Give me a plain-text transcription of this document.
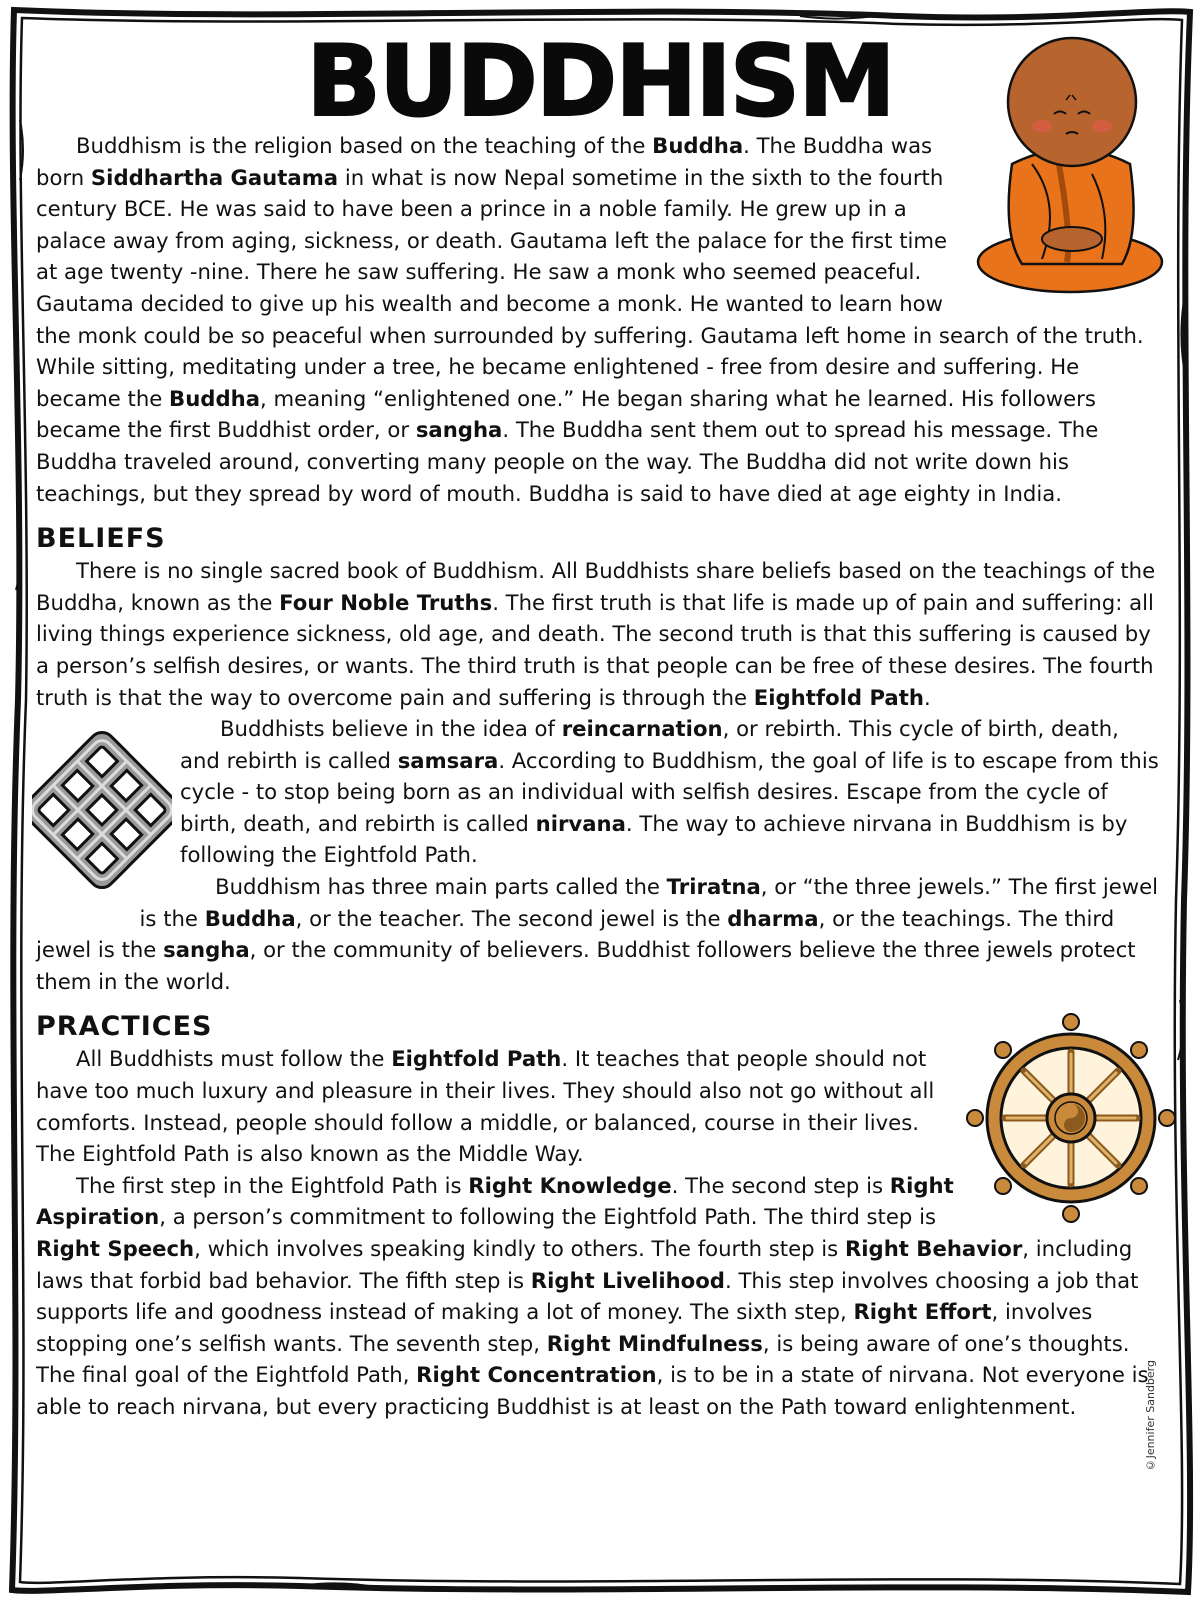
BUDDHISM

Buddhism is the religion based on the teaching of the Buddha. The Buddha was born Siddhartha Gautama in what is now Nepal sometime in the sixth to the fourth century BCE. He was said to have been a prince in a noble family. He grew up in a palace away from aging, sickness, or death. Gautama left the palace for the first time at age twenty -nine. There he saw suffering. He saw a monk who seemed peaceful. Gautama decided to give up his wealth and become a monk. He wanted to learn how the monk could be so peaceful when surrounded by suffering. Gautama left home in search of the truth. While sitting, meditating under a tree, he became enlightened - free from desire and suffering. He became the Buddha, meaning “enlightened one.” He began sharing what he learned. His followers became the first Buddhist order, or sangha. The Buddha sent them out to spread his message. The Buddha traveled around, converting many people on the way. The Buddha did not write down his teachings, but they spread by word of mouth. Buddha is said to have died at age eighty in India.

BELIEFS

There is no single sacred book of Buddhism. All Buddhists share beliefs based on the teachings of the Buddha, known as the Four Noble Truths. The first truth is that life is made up of pain and suffering: all living things experience sickness, old age, and death. The second truth is that this suffering is caused by a person’s selfish desires, or wants. The third truth is that people can be free of these desires. The fourth truth is that the way to overcome pain and suffering is through the Eightfold Path.

Buddhists believe in the idea of reincarnation, or rebirth. This cycle of birth, death, and rebirth is called samsara. According to Buddhism, the goal of life is to escape from this cycle - to stop being born as an individual with selfish desires. Escape from the cycle of birth, death, and rebirth is called nirvana. The way to achieve nirvana in Buddhism is by following the Eightfold Path.

Buddhism has three main parts called the Triratna, or “the three jewels.” The first jewel is the Buddha, or the teacher. The second jewel is the dharma, or the teachings. The third jewel is the sangha, or the community of believers. Buddhist followers believe the three jewels protect them in the world.

PRACTICES

All Buddhists must follow the Eightfold Path. It teaches that people should not have too much luxury and pleasure in their lives. They should also not go without all comforts. Instead, people should follow a middle, or balanced, course in their lives. The Eightfold Path is also known as the Middle Way.

The first step in the Eightfold Path is Right Knowledge. The second step is Right Aspiration, a person’s commitment to following the Eightfold Path. The third step is Right Speech, which involves speaking kindly to others. The fourth step is Right Behavior, including laws that forbid bad behavior. The fifth step is Right Livelihood. This step involves choosing a job that supports life and goodness instead of making a lot of money. The sixth step, Right Effort, involves stopping one’s selfish wants. The seventh step, Right Mindfulness, is being aware of one’s thoughts. The final goal of the Eightfold Path, Right Concentration, is to be in a state of nirvana. Not everyone is able to reach nirvana, but every practicing Buddhist is at least on the Path toward enlightenment.	©Jennifer Sandberg
